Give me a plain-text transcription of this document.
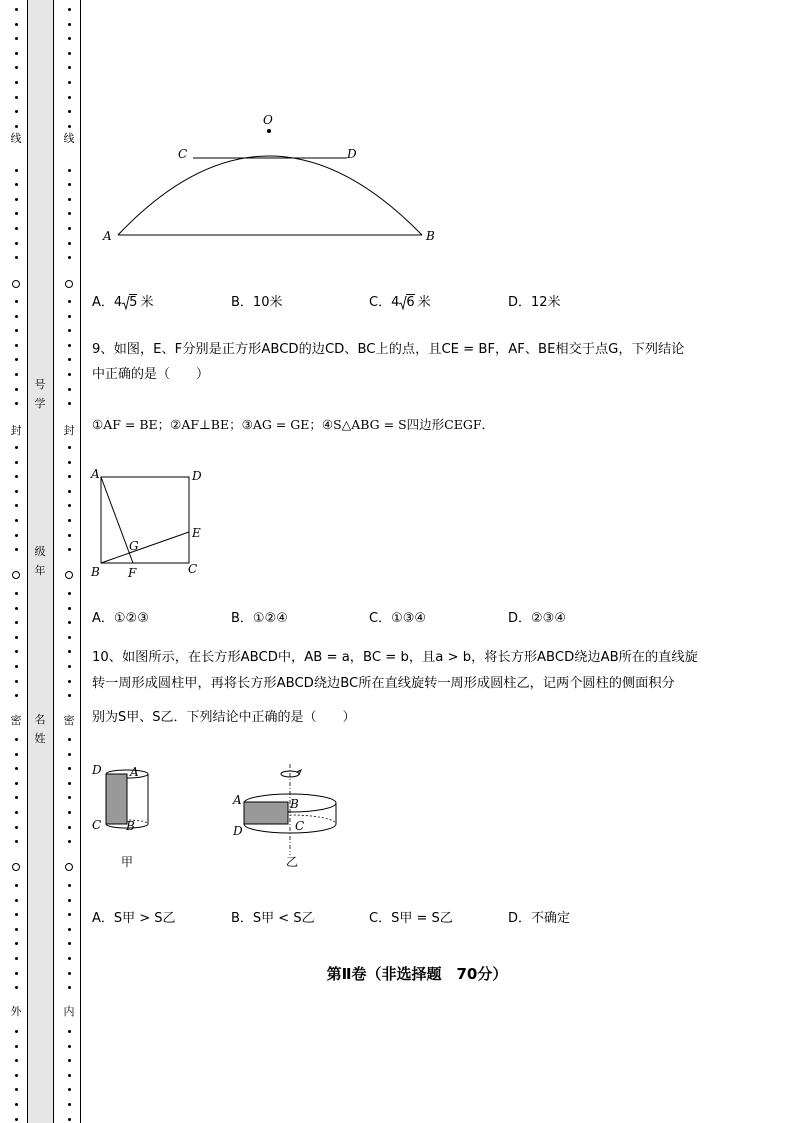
线
封
密
外
线
封
密
内
号学
级年
名姓
O
C	D
A	B
A．4 5 米	B．10米	C．4 6 米	D．12米
9、如图，E、F分别是正方形ABCD的边CD、BC上的点，且CE = BF，AF、BE相交于点G，下列结论
中正确的是（　　）
①AF = BE；②AF⊥BE；③AG = GE；④S△ABG = S四边形CEGF．
A	D
E
G
B F	C
A．①②③	B．①②④	C．①③④	D．②③④
10、如图所示，在长方形ABCD中，AB = a，BC = b，且a > b，将长方形ABCD绕边AB所在的直线旋
转一周形成圆柱甲，再将长方形ABCD绕边BC所在直线旋转一周形成圆柱乙，记两个圆柱的侧面积分
别为S甲、S乙．下列结论中正确的是（　　）
D A
C B
甲
A	B
D	C
乙
A．S甲 > S乙	B．S甲 < S乙	C．S甲 = S乙	D．不确定
第Ⅱ卷（非选择题　70分）
